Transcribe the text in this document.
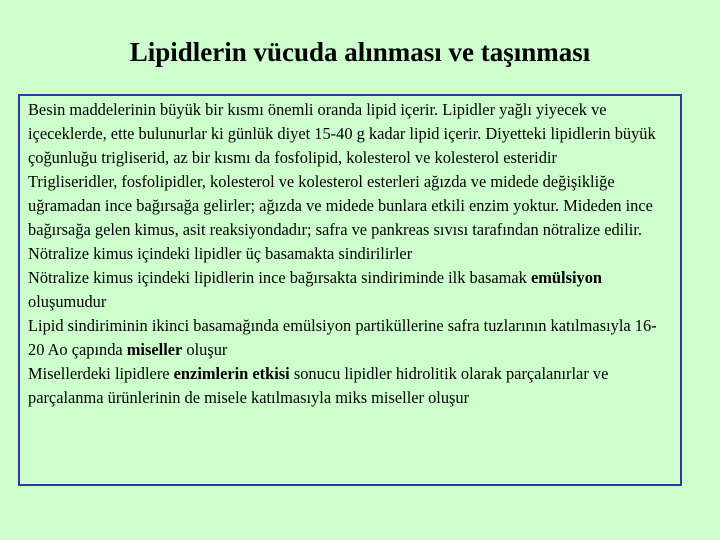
Lipidlerin vücuda alınması ve taşınması

Besin maddelerinin büyük bir kısmı önemli oranda lipid içerir. Lipidler yağlı yiyecek ve içeceklerde, ette bulunurlar ki günlük diyet 15-40 g kadar lipid içerir. Diyetteki lipidlerin büyük çoğunluğu trigliserid, az bir kısmı da fosfolipid, kolesterol ve kolesterol esteridir

Trigliseridler, fosfolipidler, kolesterol ve kolesterol esterleri ağızda ve midede değişikliğe uğramadan ince bağırsağa gelirler; ağızda ve midede bunlara etkili enzim yoktur. Mideden ince bağırsağa gelen kimus, asit reaksiyondadır; safra ve pankreas sıvısı tarafından nötralize edilir. Nötralize kimus içindeki lipidler üç basamakta sindirilirler

Nötralize kimus içindeki lipidlerin ince bağırsakta sindiriminde ilk basamak emülsiyon oluşumudur

Lipid sindiriminin ikinci basamağında emülsiyon partiküllerine safra tuzlarının katılmasıyla 16-20 Ao çapında miseller oluşur

Misellerdeki lipidlere enzimlerin etkisi sonucu lipidler hidrolitik olarak parçalanırlar ve parçalanma ürünlerinin de misele katılmasıyla miks miseller oluşur
